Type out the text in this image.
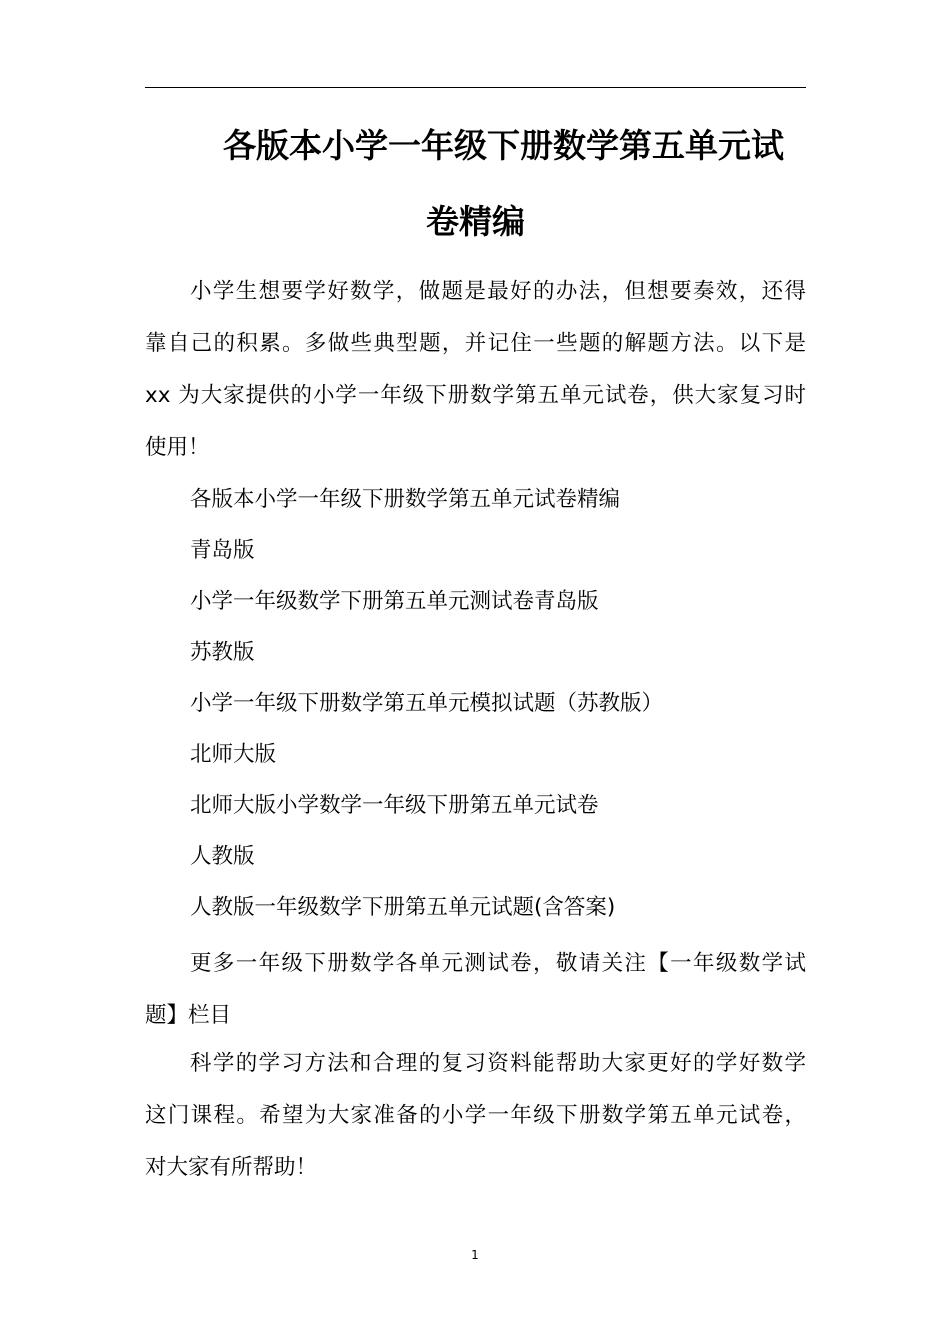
各版本小学一年级下册数学第五单元试
卷精编
小学生想要学好数学，做题是最好的办法，但想要奏效，还得
靠自己的积累。多做些典型题，并记住一些题的解题方法。以下是
xx 为大家提供的小学一年级下册数学第五单元试卷，供大家复习时
使用！
各版本小学一年级下册数学第五单元试卷精编
青岛版
小学一年级数学下册第五单元测试卷青岛版
苏教版
小学一年级下册数学第五单元模拟试题（苏教版）
北师大版
北师大版小学数学一年级下册第五单元试卷
人教版
人教版一年级数学下册第五单元试题(含答案)
更多一年级下册数学各单元测试卷，敬请关注【一年级数学试
题】栏目
科学的学习方法和合理的复习资料能帮助大家更好的学好数学
这门课程。希望为大家准备的小学一年级下册数学第五单元试卷，
对大家有所帮助！
1
